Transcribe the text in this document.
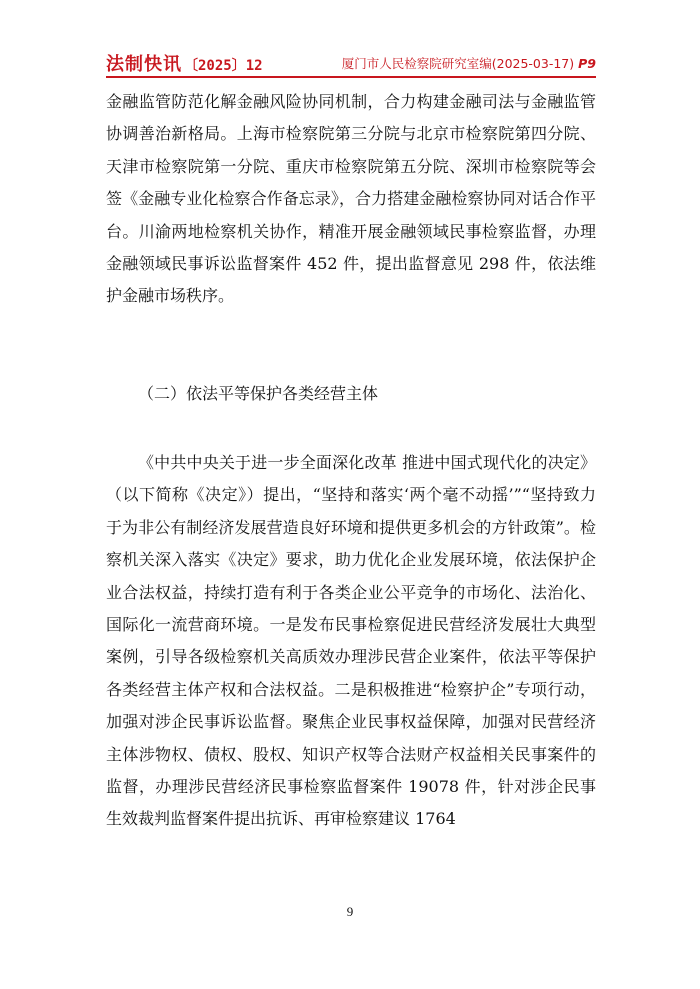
法制快讯 〔2025〕12	厦门市人民检察院研究室编(2025-03-17) P9

金融监管防范化解金融风险协同机制，合力构建金融司法与金融监管协调善治新格局。上海市检察院第三分院与北京市检察院第四分院、天津市检察院第一分院、重庆市检察院第五分院、深圳市检察院等会签《金融专业化检察合作备忘录》，合力搭建金融检察协同对话合作平台。川渝两地检察机关协作，精准开展金融领域民事检察监督，办理金融领域民事诉讼监督案件 452 件，提出监督意见 298 件，依法维护金融市场秩序。

（二）依法平等保护各类经营主体

《中共中央关于进一步全面深化改革 推进中国式现代化的决定》（以下简称《决定》）提出，“坚持和落实‘两个毫不动摇’”“坚持致力于为非公有制经济发展营造良好环境和提供更多机会的方针政策”。检察机关深入落实《决定》要求，助力优化企业发展环境，依法保护企业合法权益，持续打造有利于各类企业公平竞争的市场化、法治化、国际化一流营商环境。一是发布民事检察促进民营经济发展壮大典型案例，引导各级检察机关高质效办理涉民营企业案件，依法平等保护各类经营主体产权和合法权益。二是积极推进“检察护企”专项行动，加强对涉企民事诉讼监督。聚焦企业民事权益保障，加强对民营经济主体涉物权、债权、股权、知识产权等合法财产权益相关民事案件的监督，办理涉民营经济民事检察监督案件 19078 件，针对涉企民事生效裁判监督案件提出抗诉、再审检察建议 1764

9
